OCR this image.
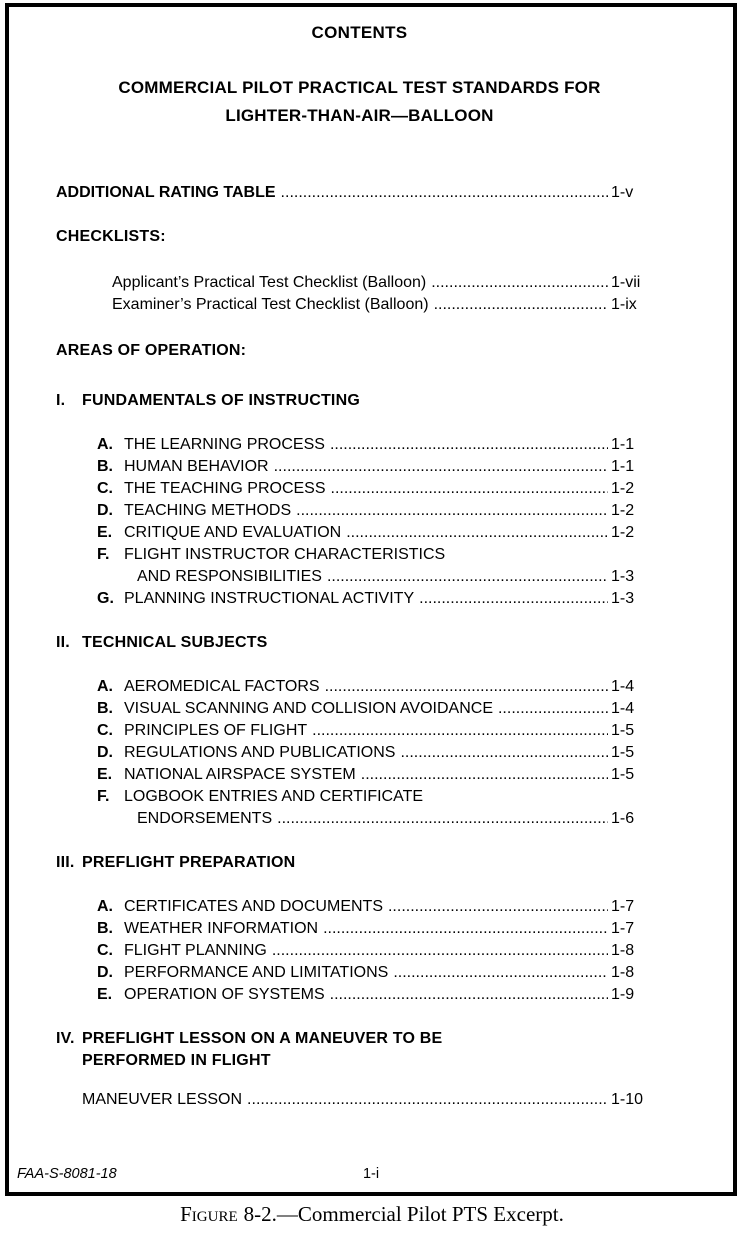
CONTENTS
COMMERCIAL PILOT PRACTICAL TEST STANDARDS FOR
LIGHTER-THAN-AIR—BALLOON
ADDITIONAL RATING TABLE .....	1-v
CHECKLISTS:
Applicant’s Practical Test Checklist (Balloon) .....	1-vii
Examiner’s Practical Test Checklist (Balloon) .....	1-ix
AREAS OF OPERATION:
I.	FUNDAMENTALS OF INSTRUCTING
A. THE LEARNING PROCESS .....	1-1
B. HUMAN BEHAVIOR .....	1-1
C. THE TEACHING PROCESS .....	1-2
D. TEACHING METHODS .....	1-2
E. CRITIQUE AND EVALUATION .....	1-2
F. FLIGHT INSTRUCTOR CHARACTERISTICS
AND RESPONSIBILITIES .....	1-3
G. PLANNING INSTRUCTIONAL ACTIVITY .....	1-3
II. TECHNICAL SUBJECTS
A. AEROMEDICAL FACTORS .....	1-4
B. VISUAL SCANNING AND COLLISION AVOIDANCE .....	1-4
C. PRINCIPLES OF FLIGHT .....	1-5
D. REGULATIONS AND PUBLICATIONS .....	1-5
E. NATIONAL AIRSPACE SYSTEM .....	1-5
F. LOGBOOK ENTRIES AND CERTIFICATE
ENDORSEMENTS .....	1-6
III. PREFLIGHT PREPARATION
A. CERTIFICATES AND DOCUMENTS .....	1-7
B. WEATHER INFORMATION .....	1-7
C. FLIGHT PLANNING .....	1-8
D. PERFORMANCE AND LIMITATIONS .....	1-8
E. OPERATION OF SYSTEMS .....	1-9
IV. PREFLIGHT LESSON ON A MANEUVER TO BE
PERFORMED IN FLIGHT
MANEUVER LESSON .....	1-10
FAA-S-8081-18	1-i
Figure 8-2.—Commercial Pilot PTS Excerpt.
